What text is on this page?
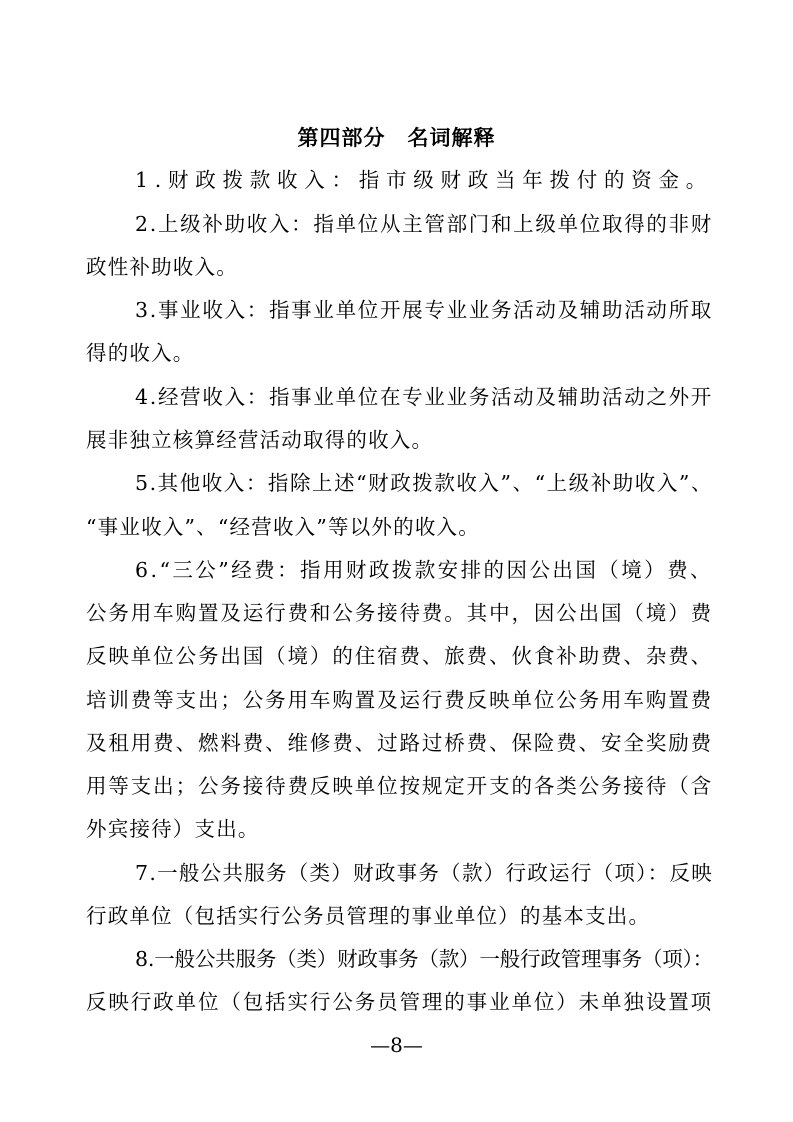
第四部分 名词解释
1.财政拨款收入：指市级财政当年拨付的资金。
2.上级补助收入：指单位从主管部门和上级单位取得的非财
政性补助收入。
3.事业收入：指事业单位开展专业业务活动及辅助活动所取
得的收入。
4.经营收入：指事业单位在专业业务活动及辅助活动之外开
展非独立核算经营活动取得的收入。
5.其他收入：指除上述“财政拨款收入”、“上级补助收入”、
“事业收入”、“经营收入”等以外的收入。
6.“三公”经费：指用财政拨款安排的因公出国（境）费、
公务用车购置及运行费和公务接待费。其中，因公出国（境）费
反映单位公务出国（境）的住宿费、旅费、伙食补助费、杂费、
培训费等支出；公务用车购置及运行费反映单位公务用车购置费
及租用费、燃料费、维修费、过路过桥费、保险费、安全奖励费
用等支出；公务接待费反映单位按规定开支的各类公务接待（含
外宾接待）支出。
7.一般公共服务（类）财政事务（款）行政运行（项）：反映
行政单位（包括实行公务员管理的事业单位）的基本支出。
8.一般公共服务（类）财政事务（款）一般行政管理事务（项）：
反映行政单位（包括实行公务员管理的事业单位）未单独设置项
—8—
